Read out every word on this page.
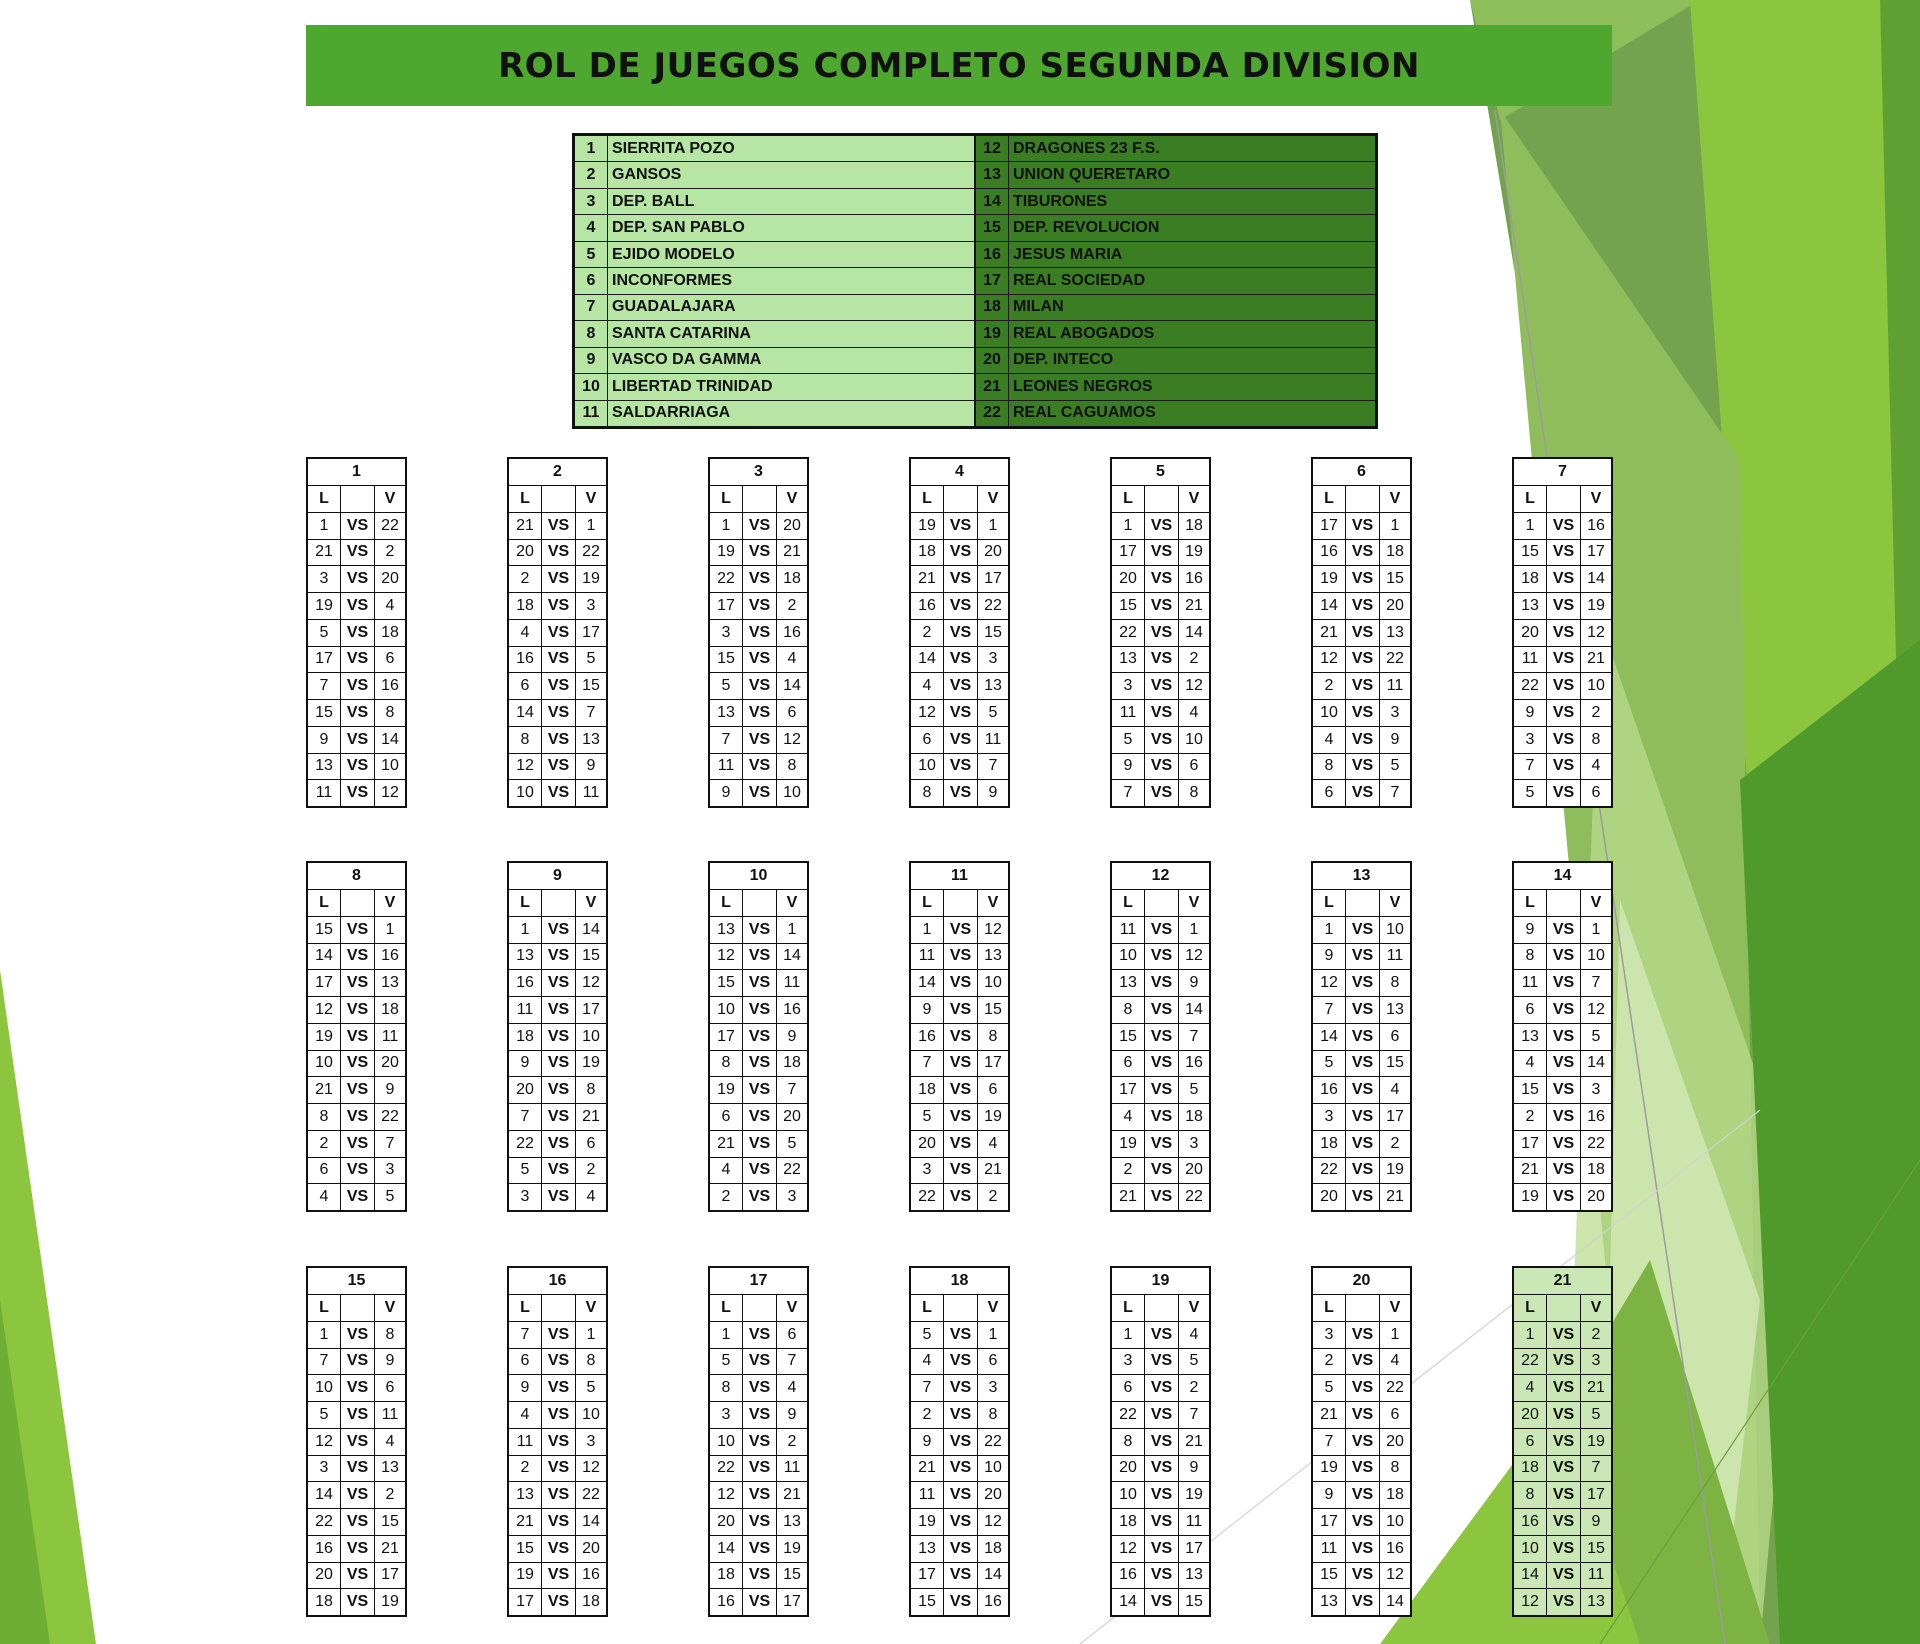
ROL DE JUEGOS COMPLETO SEGUNDA DIVISION
1	SIERRITA POZO
2	GANSOS
3	DEP. BALL
4	DEP. SAN PABLO
5	EJIDO MODELO
6	INCONFORMES
7	GUADALAJARA
8	SANTA CATARINA
9	VASCO DA GAMMA
10 LIBERTAD TRINIDAD
11 SALDARRIAGA
12 DRAGONES 23 F.S.
13 UNION QUERETARO
14 TIBURONES
15 DEP. REVOLUCION
16 JESUS MARIA
17 REAL SOCIEDAD
18 MILAN
19 REAL ABOGADOS
20 DEP. INTECO
21 LEONES NEGROS
22 REAL CAGUAMOS
1
L	V
1	VS 22
21 VS	2
3	VS 20
19 VS	4
5	VS 18
17 VS	6
7	VS 16
15 VS	8
9	VS 14
13 VS 10
11 VS 12
2
L	V
21 VS	1
20 VS 22
2	VS 19
18 VS	3
4	VS 17
16 VS	5
6	VS 15
14 VS	7
8	VS 13
12 VS	9
10 VS 11
3
L	V
1	VS 20
19 VS 21
22 VS 18
17 VS	2
3	VS 16
15 VS	4
5	VS 14
13 VS	6
7	VS 12
11 VS	8
9	VS 10
4
L	V
19 VS	1
18 VS 20
21 VS 17
16 VS 22
2	VS 15
14 VS	3
4	VS 13
12 VS	5
6	VS 11
10 VS	7
8	VS	9
5
L	V
1	VS 18
17 VS 19
20 VS 16
15 VS 21
22 VS 14
13 VS	2
3	VS 12
11 VS	4
5	VS 10
9	VS	6
7	VS	8
6
L	V
17 VS	1
16 VS 18
19 VS 15
14 VS 20
21 VS 13
12 VS 22
2	VS 11
10 VS	3
4	VS	9
8	VS	5
6	VS	7
7
L	V
1	VS 16
15 VS 17
18 VS 14
13 VS 19
20 VS 12
11 VS 21
22 VS 10
9	VS	2
3	VS	8
7	VS	4
5	VS	6
8
L	V
15 VS	1
14 VS 16
17 VS 13
12 VS 18
19 VS 11
10 VS 20
21 VS	9
8	VS 22
2	VS	7
6	VS	3
4	VS	5
9
L	V
1	VS 14
13 VS 15
16 VS 12
11 VS 17
18 VS 10
9	VS 19
20 VS	8
7	VS 21
22 VS	6
5	VS	2
3	VS	4
10
L	V
13 VS	1
12 VS 14
15 VS 11
10 VS 16
17 VS	9
8	VS 18
19 VS	7
6	VS 20
21 VS	5
4	VS 22
2	VS	3
11
L	V
1	VS 12
11 VS 13
14 VS 10
9	VS 15
16 VS	8
7	VS 17
18 VS	6
5	VS 19
20 VS	4
3	VS 21
22 VS	2
12
L	V
11 VS	1
10 VS 12
13 VS	9
8	VS 14
15 VS	7
6	VS 16
17 VS	5
4	VS 18
19 VS	3
2	VS 20
21 VS 22
13
L	V
1	VS 10
9	VS 11
12 VS	8
7	VS 13
14 VS	6
5	VS 15
16 VS	4
3	VS 17
18 VS	2
22 VS 19
20 VS 21
14
L	V
9	VS	1
8	VS 10
11 VS	7
6	VS 12
13 VS	5
4	VS 14
15 VS	3
2	VS 16
17 VS 22
21 VS 18
19 VS 20
15
L	V
1	VS	8
7	VS	9
10 VS	6
5	VS 11
12 VS	4
3	VS 13
14 VS	2
22 VS 15
16 VS 21
20 VS 17
18 VS 19
16
L	V
7	VS	1
6	VS	8
9	VS	5
4	VS 10
11 VS	3
2	VS 12
13 VS 22
21 VS 14
15 VS 20
19 VS 16
17 VS 18
17
L	V
1	VS	6
5	VS	7
8	VS	4
3	VS	9
10 VS	2
22 VS 11
12 VS 21
20 VS 13
14 VS 19
18 VS 15
16 VS 17
18
L	V
5	VS	1
4	VS	6
7	VS	3
2	VS	8
9	VS 22
21 VS 10
11 VS 20
19 VS 12
13 VS 18
17 VS 14
15 VS 16
19
L	V
1	VS	4
3	VS	5
6	VS	2
22 VS	7
8	VS 21
20 VS	9
10 VS 19
18 VS 11
12 VS 17
16 VS 13
14 VS 15
20
L	V
3	VS	1
2	VS	4
5	VS 22
21 VS	6
7	VS 20
19 VS	8
9	VS 18
17 VS 10
11 VS 16
15 VS 12
13 VS 14
21
L	V
1	VS	2
22 VS	3
4	VS 21
20 VS	5
6	VS 19
18 VS	7
8	VS 17
16 VS	9
10 VS 15
14 VS 11
12 VS 13
